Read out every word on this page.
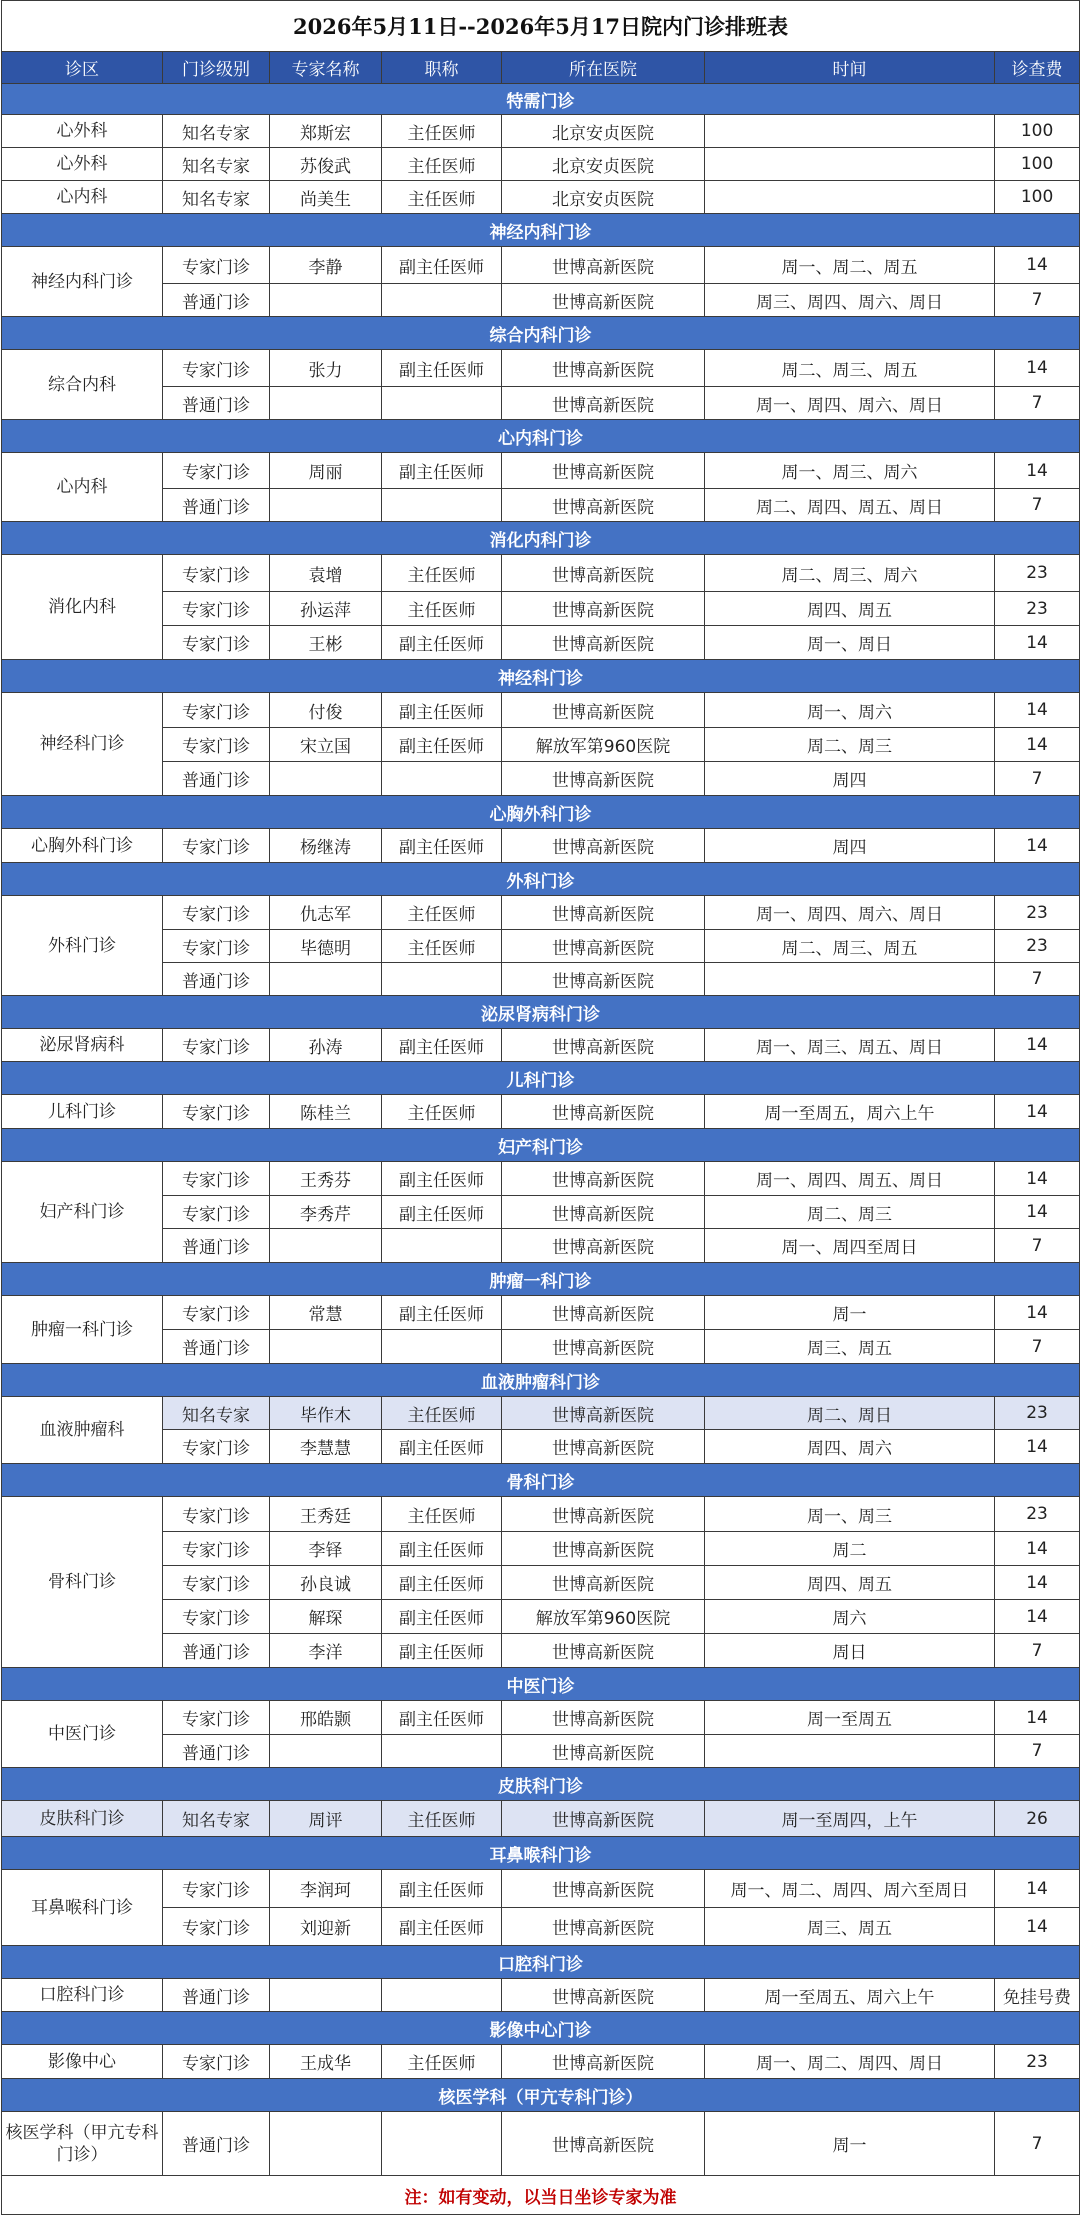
2026年5月11日--2026年5月17日院内门诊排班表						
诊区	门诊级别	专家名称	职称	所在医院	时间	诊查费
特需门诊						
心外科	知名专家	郑斯宏	主任医师	北京安贞医院		100
心外科	知名专家	苏俊武	主任医师	北京安贞医院		100
心内科	知名专家	尚美生	主任医师	北京安贞医院		100
神经内科门诊						
神经内科门诊	专家门诊	李静	副主任医师	世博高新医院	周一、周二、周五	14
	普通门诊			世博高新医院	周三、周四、周六、周日	7
综合内科门诊						
综合内科	专家门诊	张力	副主任医师	世博高新医院	周二、周三、周五	14
	普通门诊			世博高新医院	周一、周四、周六、周日	7
心内科门诊						
心内科	专家门诊	周丽	副主任医师	世博高新医院	周一、周三、周六	14
	普通门诊			世博高新医院	周二、周四、周五、周日	7
消化内科门诊						
消化内科	专家门诊	袁增	主任医师	世博高新医院	周二、周三、周六	23
	专家门诊	孙运萍	主任医师	世博高新医院	周四、周五	23
	专家门诊	王彬	副主任医师	世博高新医院	周一、周日	14
神经科门诊						
神经科门诊	专家门诊	付俊	副主任医师	世博高新医院	周一、周六	14
	专家门诊	宋立国	副主任医师	解放军第960医院	周二、周三	14
	普通门诊			世博高新医院	周四	7
心胸外科门诊						
心胸外科门诊	专家门诊	杨继涛	副主任医师	世博高新医院	周四	14
外科门诊						
外科门诊	专家门诊	仇志军	主任医师	世博高新医院	周一、周四、周六、周日	23
	专家门诊	毕德明	主任医师	世博高新医院	周二、周三、周五	23
	普通门诊			世博高新医院		7
泌尿肾病科门诊						
泌尿肾病科	专家门诊	孙涛	副主任医师	世博高新医院	周一、周三、周五、周日	14
儿科门诊						
儿科门诊	专家门诊	陈桂兰	主任医师	世博高新医院	周一至周五，周六上午	14
妇产科门诊						
妇产科门诊	专家门诊	王秀芬	副主任医师	世博高新医院	周一、周四、周五、周日	14
	专家门诊	李秀芹	副主任医师	世博高新医院	周二、周三	14
	普通门诊			世博高新医院	周一、周四至周日	7
肿瘤一科门诊						
肿瘤一科门诊	专家门诊	常慧	副主任医师	世博高新医院	周一	14
	普通门诊			世博高新医院	周三、周五	7
血液肿瘤科门诊						
血液肿瘤科	知名专家	毕作木	主任医师	世博高新医院	周二、周日	23
	专家门诊	李慧慧	副主任医师	世博高新医院	周四、周六	14
骨科门诊						
骨科门诊	专家门诊	王秀廷	主任医师	世博高新医院	周一、周三	23
	专家门诊	李铎	副主任医师	世博高新医院	周二	14
	专家门诊	孙良诚	副主任医师	世博高新医院	周四、周五	14
	专家门诊	解琛	副主任医师	解放军第960医院	周六	14
	普通门诊	李洋	副主任医师	世博高新医院	周日	7
中医门诊						
中医门诊	专家门诊	邢皓颢	副主任医师	世博高新医院	周一至周五	14
	普通门诊			世博高新医院		7
皮肤科门诊						
皮肤科门诊	知名专家	周评	主任医师	世博高新医院	周一至周四，上午	26
耳鼻喉科门诊						
耳鼻喉科门诊	专家门诊	李润珂	副主任医师	世博高新医院	周一、周二、周四、周六至周日	14
	专家门诊	刘迎新	副主任医师	世博高新医院	周三、周五	14
口腔科门诊						
口腔科门诊	普通门诊			世博高新医院	周一至周五、周六上午	免挂号费
影像中心门诊						
影像中心	专家门诊	王成华	主任医师	世博高新医院	周一、周二、周四、周日	23
核医学科（甲亢专科门诊）						
核医学科（甲亢专科门诊）	普通门诊			世博高新医院	周一	7
注：如有变动，以当日坐诊专家为准						
